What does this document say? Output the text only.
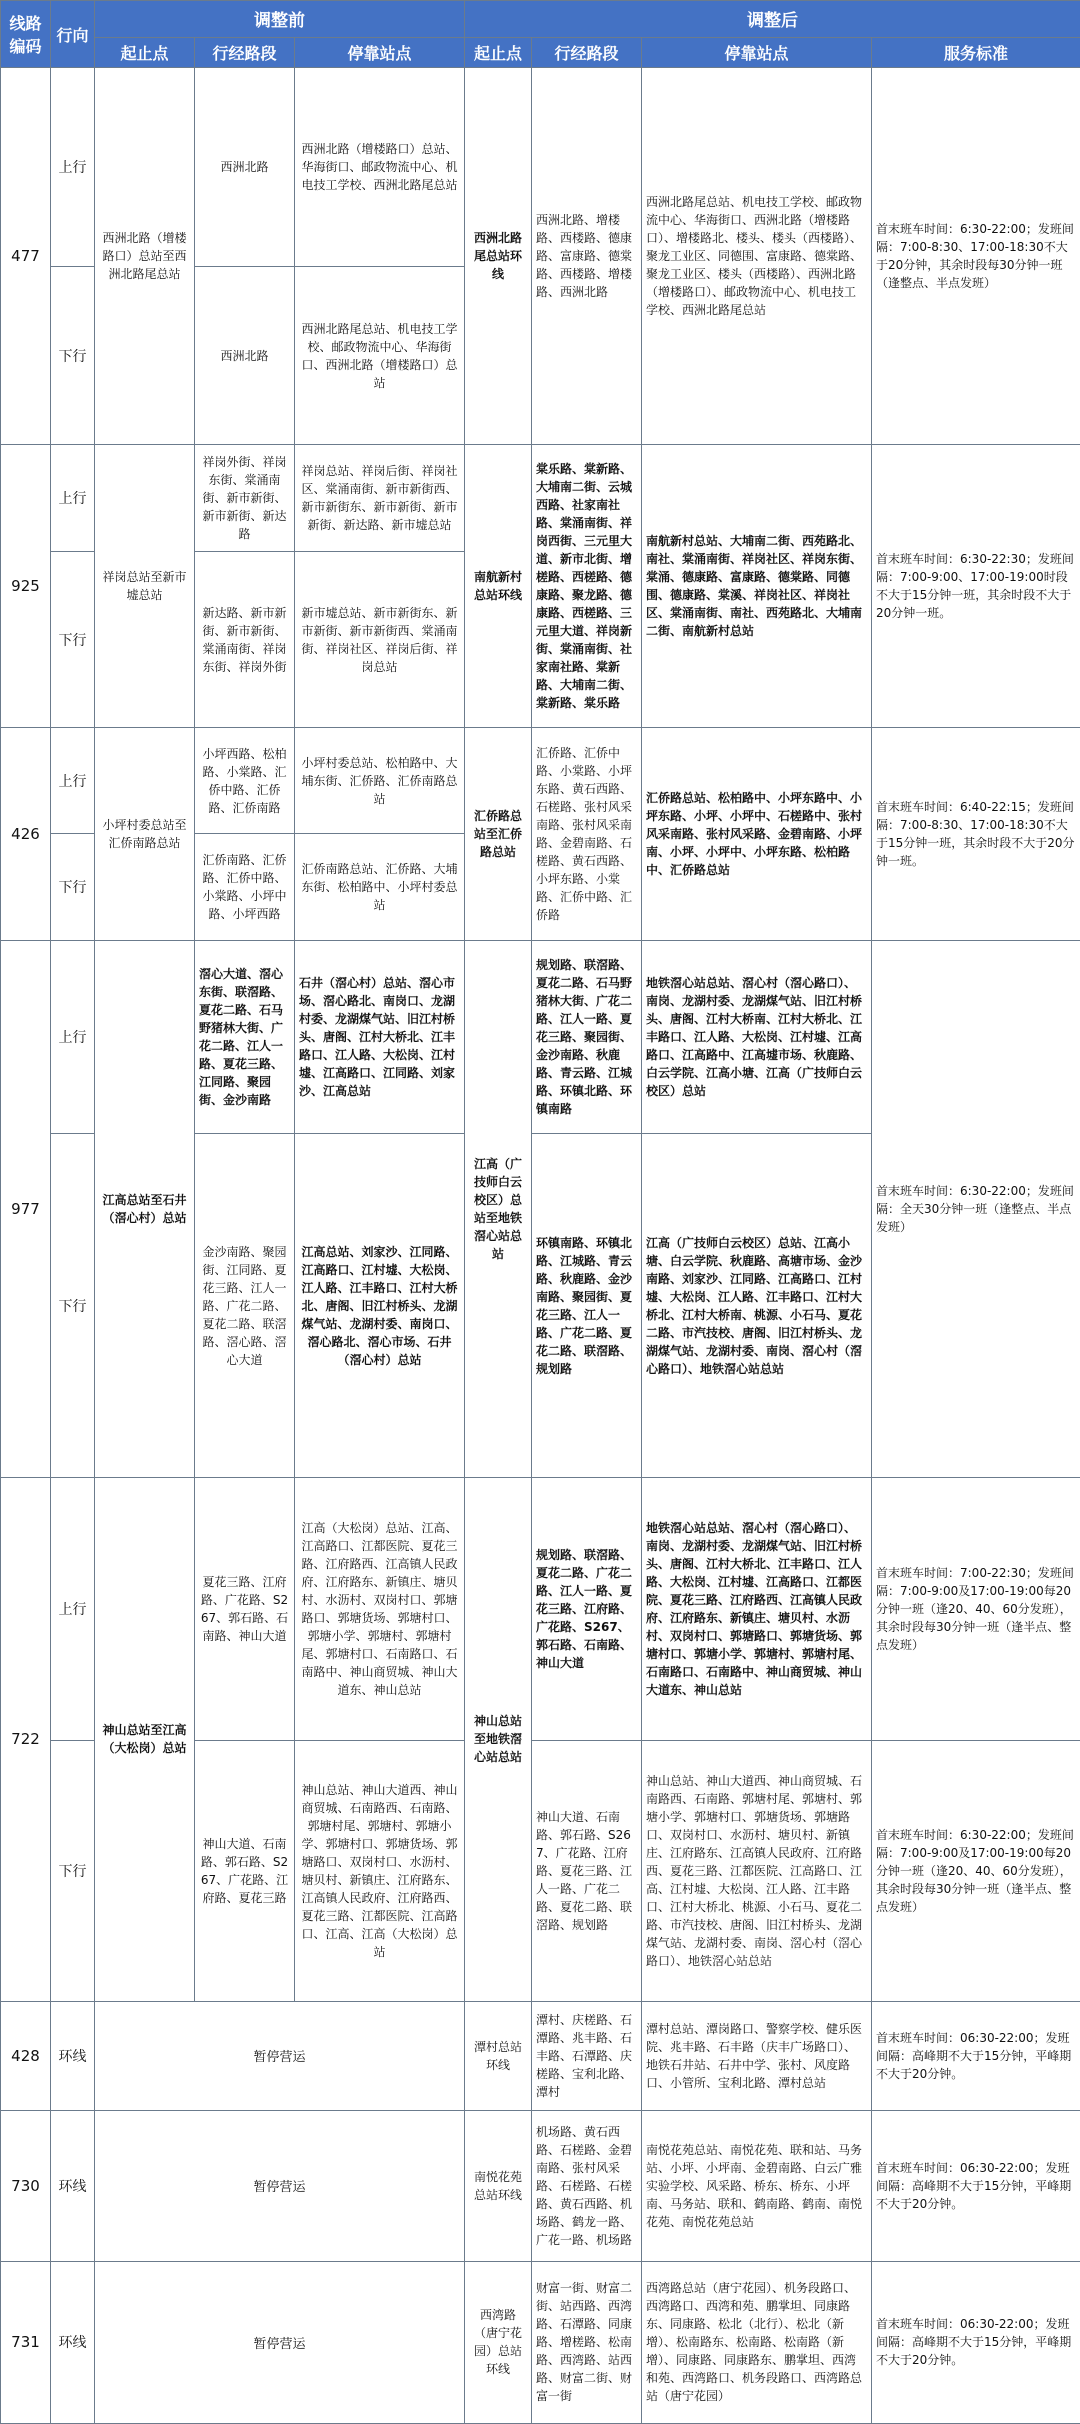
线路编码	行向	调整前			调整后			
		起止点	行经路段	停靠站点	起止点	行经路段	停靠站点	服务标准
477	上行	西洲北路（增楼路口）总站至西洲北路尾总站	西洲北路	西洲北路（增楼路口）总站、华海街口、邮政物流中心、机电技工学校、西洲北路尾总站	西洲北路尾总站环线	西洲北路、增楼路、西楼路、德康路、富康路、德棠路、西楼路、增楼路、西洲北路	西洲北路尾总站、机电技工学校、邮政物流中心、华海街口、西洲北路（增楼路口）、增楼路北、楼头、楼头（西楼路）、聚龙工业区、同德围、富康路、德棠路、聚龙工业区、楼头（西楼路）、西洲北路（增楼路口）、邮政物流中心、机电技工学校、西洲北路尾总站	首末班车时间：6:30-22:00；发班间隔：7:00-8:30、17:00-18:30不大于20分钟，其余时段每30分钟一班（逢整点、半点发班）
	下行		西洲北路	西洲北路尾总站、机电技工学校、邮政物流中心、华海街口、西洲北路（增楼路口）总站				
925	上行	祥岗总站至新市墟总站	祥岗外街、祥岗东街、棠涌南街、新市新街、新市新街、新达路	祥岗总站、祥岗后街、祥岗社区、棠涌南街、新市新街西、新市新街东、新市新街、新市新街、新达路、新市墟总站	南航新村总站环线	棠乐路、棠新路、大埔南二街、云城西路、社家南社路、棠涌南街、祥岗西街、三元里大道、新市北街、增槎路、西槎路、德康路、聚龙路、德康路、西槎路、三元里大道、祥岗新街、棠涌南街、社家南社路、棠新路、大埔南二街、棠新路、棠乐路	南航新村总站、大埔南二街、西苑路北、南社、棠涌南街、祥岗社区、祥岗东街、棠涌、德康路、富康路、德棠路、同德围、德康路、棠溪、祥岗社区、祥岗社区、棠涌南街、南社、西苑路北、大埔南二街、南航新村总站	首末班车时间：6:30-22:30；发班间隔：7:00-9:00、17:00-19:00时段不大于15分钟一班，其余时段不大于20分钟一班。
	下行		新达路、新市新街、新市新街、棠涌南街、祥岗东街、祥岗外街	新市墟总站、新市新街东、新市新街、新市新街西、棠涌南街、祥岗社区、祥岗后街、祥岗总站				
426	上行	小坪村委总站至汇侨南路总站	小坪西路、松柏路、小棠路、汇侨中路、汇侨路、汇侨南路	小坪村委总站、松柏路中、大埔东街、汇侨路、汇侨南路总站	汇侨路总站至汇侨路总站	汇侨路、汇侨中路、小棠路、小坪东路、黄石西路、石槎路、张村风采南路、张村风采南路、金碧南路、石槎路、黄石西路、小坪东路、小棠路、汇侨中路、汇侨路	汇侨路总站、松柏路中、小坪东路中、小坪东路、小坪、小坪中、石槎路中、张村风采南路、张村风采路、金碧南路、小坪南、小坪、小坪中、小坪东路、松柏路中、汇侨路总站	首末班车时间：6:40-22:15；发班间隔：7:00-8:30、17:00-18:30不大于15分钟一班，其余时段不大于20分钟一班。
	下行		汇侨南路、汇侨路、汇侨中路、小棠路、小坪中路、小坪西路	汇侨南路总站、汇侨路、大埔东街、松柏路中、小坪村委总站				
977	上行	江高总站至石井（滘心村）总站	滘心大道、滘心东街、联滘路、夏花二路、石马野猪林大街、广花二路、江人一路、夏花三路、江同路、聚园街、金沙南路	石井（滘心村）总站、滘心市场、滘心路北、南岗口、龙湖村委、龙湖煤气站、旧江村桥头、唐阁、江村大桥北、江丰路口、江人路、大松岗、江村墟、江高路口、江同路、刘家沙、江高总站	江高（广技师白云校区）总站至地铁滘心站总站	规划路、联滘路、夏花二路、石马野猪林大街、广花二路、江人一路、夏花三路、聚园街、金沙南路、秋鹿路、青云路、江城路、环镇北路、环镇南路	地铁滘心站总站、滘心村（滘心路口）、南岗、龙湖村委、龙湖煤气站、旧江村桥头、唐阁、江村大桥南、江村大桥北、江丰路口、江人路、大松岗、江村墟、江高路口、江高路中、江高墟市场、秋鹿路、白云学院、江高小塘、江高（广技师白云校区）总站	首末班车时间：6:30-22:00；发班间隔：全天30分钟一班（逢整点、半点发班）
	下行		金沙南路、聚园街、江同路、夏花三路、江人一路、广花二路、夏花二路、联滘路、滘心路、滘心大道	江高总站、刘家沙、江同路、江高路口、江村墟、大松岗、江人路、江丰路口、江村大桥北、唐阁、旧江村桥头、龙湖煤气站、龙湖村委、南岗口、滘心路北、滘心市场、石井（滘心村）总站		环镇南路、环镇北路、江城路、青云路、秋鹿路、金沙南路、聚园街、夏花三路、江人一路、广花二路、夏花二路、联滘路、规划路	江高（广技师白云校区）总站、江高小塘、白云学院、秋鹿路、高塘市场、金沙南路、刘家沙、江同路、江高路口、江村墟、大松岗、江人路、江丰路口、江村大桥北、江村大桥南、桃源、小石马、夏花二路、市汽技校、唐阁、旧江村桥头、龙湖煤气站、龙湖村委、南岗、滘心村（滘心路口）、地铁滘心站总站	
722	上行	神山总站至江高（大松岗）总站	夏花三路、江府路、广花路、S267、郭石路、石南路、神山大道	江高（大松岗）总站、江高、江高路口、江都医院、夏花三路、江府路西、江高镇人民政府、江府路东、新镇庄、塘贝村、水沥村、双岗村口、郭塘路口、郭塘货场、郭塘村口、郭塘小学、郭塘村、郭塘村尾、郭塘村口、石南路口、石南路中、神山商贸城、神山大道东、神山总站	神山总站至地铁滘心站总站	规划路、联滘路、夏花二路、广花二路、江人一路、夏花三路、江府路、广花路、S267、郭石路、石南路、神山大道	地铁滘心站总站、滘心村（滘心路口）、南岗、龙湖村委、龙湖煤气站、旧江村桥头、唐阁、江村大桥北、江丰路口、江人路、大松岗、江村墟、江高路口、江都医院、夏花三路、江府路西、江高镇人民政府、江府路东、新镇庄、塘贝村、水沥村、双岗村口、郭塘路口、郭塘货场、郭塘村口、郭塘小学、郭塘村、郭塘村尾、石南路口、石南路中、神山商贸城、神山大道东、神山总站	首末班车时间：7:00-22:30；发班间隔：7:00-9:00及17:00-19:00每20分钟一班（逢20、40、60分发班），其余时段每30分钟一班（逢半点、整点发班）
	下行		神山大道、石南路、郭石路、S267、广花路、江府路、夏花三路	神山总站、神山大道西、神山商贸城、石南路西、石南路、郭塘村尾、郭塘村、郭塘小学、郭塘村口、郭塘货场、郭塘路口、双岗村口、水沥村、塘贝村、新镇庄、江府路东、江高镇人民政府、江府路西、夏花三路、江都医院、江高路口、江高、江高（大松岗）总站		神山大道、石南路、郭石路、S267、广花路、江府路、夏花三路、江人一路、广花二路、夏花二路、联滘路、规划路	神山总站、神山大道西、神山商贸城、石南路西、石南路、郭塘村尾、郭塘村、郭塘小学、郭塘村口、郭塘货场、郭塘路口、双岗村口、水沥村、塘贝村、新镇庄、江府路东、江高镇人民政府、江府路西、夏花三路、江都医院、江高路口、江高、江村墟、大松岗、江人路、江丰路口、江村大桥北、桃源、小石马、夏花二路、市汽技校、唐阁、旧江村桥头、龙湖煤气站、龙湖村委、南岗、滘心村（滘心路口）、地铁滘心站总站	首末班车时间：6:30-22:00；发班间隔：7:00-9:00及17:00-19:00每20分钟一班（逢20、40、60分发班），其余时段每30分钟一班（逢半点、整点发班）
428	环线	暂停营运			潭村总站环线	潭村、庆槎路、石潭路、兆丰路、石丰路、石潭路、庆槎路、宝利北路、潭村	潭村总站、潭岗路口、警察学校、健乐医院、兆丰路、石丰路（庆丰广场路口）、地铁石井站、石井中学、张村、风度路口、小管所、宝利北路、潭村总站	首末班车时间：06:30-22:00；发班间隔：高峰期不大于15分钟，平峰期不大于20分钟。
730	环线	暂停营运			南悦花苑总站环线	机场路、黄石西路、石槎路、金碧南路、张村风采路、石槎路、石槎路、黄石西路、机场路、鹤龙一路、广花一路、机场路	南悦花苑总站、南悦花苑、联和站、马务站、小坪、小坪南、金碧南路、白云广雅实验学校、风采路、桥东、桥东、小坪南、马务站、联和、鹤南路、鹤南、南悦花苑、南悦花苑总站	首末班车时间：06:30-22:00；发班间隔：高峰期不大于15分钟，平峰期不大于20分钟。
731	环线	暂停营运			西湾路（唐宁花园）总站环线	财富一街、财富二街、站西路、西湾路、石潭路、同康路、增槎路、松南路、西湾路、站西路、财富二街、财富一街	西湾路总站（唐宁花园）、机务段路口、西湾路口、西湾和苑、鹏掌坦、同康路东、同康路、松北（北行）、松北（新增）、松南路东、松南路、松南路（新增）、同康路、同康路东、鹏掌坦、西湾和苑、西湾路口、机务段路口、西湾路总站（唐宁花园）	首末班车时间：06:30-22:00；发班间隔：高峰期不大于15分钟，平峰期不大于20分钟。
